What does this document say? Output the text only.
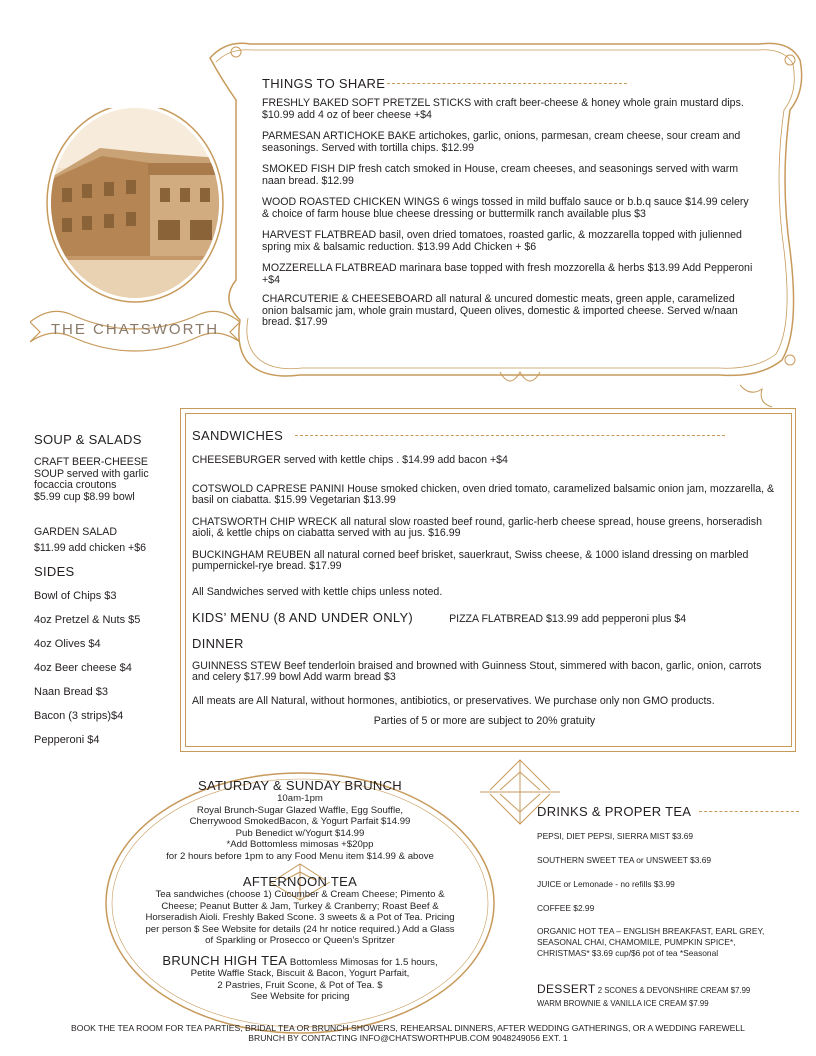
THE CHATSWORTH
THINGS TO SHARE

FRESHLY BAKED SOFT PRETZEL STICKS with craft beer-cheese & honey whole grain mustard dips. $10.99 add 4 oz of beer cheese +$4

PARMESAN ARTICHOKE BAKE artichokes, garlic, onions, parmesan, cream cheese, sour cream and seasonings. Served with tortilla chips. $12.99

SMOKED FISH DIP fresh catch smoked in House, cream cheeses, and seasonings served with warm naan bread. $12.99

WOOD ROASTED CHICKEN WINGS 6 wings tossed in mild buffalo sauce or b.b.q sauce $14.99 celery & choice of farm house blue cheese dressing or buttermilk ranch available plus $3

HARVEST FLATBREAD basil, oven dried tomatoes, roasted garlic, & mozzarella topped with julienned spring mix & balsamic reduction. $13.99 Add Chicken + $6

MOZZERELLA FLATBREAD marinara base topped with fresh mozzorella & herbs $13.99 Add Pepperoni +$4

CHARCUTERIE & CHEESEBOARD all natural & uncured domestic meats, green apple, caramelized onion balsamic jam, whole grain mustard, Queen olives, domestic & imported cheese. Served w/naan bread. $17.99

SOUP & SALADS
CRAFT BEER-CHEESE SOUP served with garlic focaccia croutons
$5.99 cup $8.99 bowl
GARDEN SALAD
$11.99 add chicken +$6
SIDES
Bowl of Chips $3
4oz Pretzel & Nuts $5
4oz Olives $4
4oz Beer cheese $4
Naan Bread $3
Bacon (3 strips)$4
Pepperoni $4
SANDWICHES

CHEESEBURGER served with kettle chips . $14.99 add bacon +$4

COTSWOLD CAPRESE PANINI House smoked chicken, oven dried tomato, caramelized balsamic onion jam, mozzarella, & basil on ciabatta. $15.99 Vegetarian $13.99

CHATSWORTH CHIP WRECK all natural slow roasted beef round, garlic-herb cheese spread, house greens, horseradish aioli, & kettle chips on ciabatta served with au jus. $16.99

BUCKINGHAM REUBEN all natural corned beef brisket, sauerkraut, Swiss cheese, & 1000 island dressing on marbled pumpernickel-rye bread. $17.99

All Sandwiches served with kettle chips unless noted.

KIDS’ MENU (8 AND UNDER ONLY)	PIZZA FLATBREAD $13.99 add pepperoni plus $4
DINNER

GUINNESS STEW Beef tenderloin braised and browned with Guinness Stout, simmered with bacon, garlic, onion, carrots and celery $17.99 bowl Add warm bread $3

All meats are All Natural, without hormones, antibiotics, or preservatives. We purchase only non GMO products.

Parties of 5 or more are subject to 20% gratuity

SATURDAY & SUNDAY BRUNCH
10am-1pm
Royal Brunch-Sugar Glazed Waffle, Egg Souffle,
Cherrywood SmokedBacon, & Yogurt Parfait $14.99
Pub Benedict w/Yogurt $14.99
*Add Bottomless mimosas +$20pp
for 2 hours before 1pm to any Food Menu item $14.99 & above
AFTERNOON TEA
Tea sandwiches (choose 1) Cucumber & Cream Cheese; Pimento & Cheese; Peanut Butter & Jam, Turkey & Cranberry; Roast Beef & Horseradish Aioli. Freshly Baked Scone. 3 sweets & a Pot of Tea. Pricing per person $ See Website for details (24 hr notice required.) Add a Glass of Sparkling or Prosecco or Queen’s Spritzer
BRUNCH HIGH TEA Bottomless Mimosas for 1.5 hours,
Petite Waffle Stack, Biscuit & Bacon, Yogurt Parfait,
2 Pastries, Fruit Scone, & Pot of Tea. $
See Website for pricing
DRINKS & PROPER TEA
PEPSI, DIET PEPSI, SIERRA MIST $3.69
SOUTHERN SWEET TEA or UNSWEET $3.69
JUICE or Lemonade - no refills $3.99
COFFEE $2.99
ORGANIC HOT TEA – ENGLISH BREAKFAST, EARL GREY, SEASONAL CHAI, CHAMOMILE, PUMPKIN SPICE*, CHRISTMAS* $3.69 cup/$6 pot of tea *Seasonal
DESSERT 2 SCONES & DEVONSHIRE CREAM $7.99
WARM BROWNIE & VANILLA ICE CREAM $7.99
BOOK THE TEA ROOM FOR TEA PARTIES, BRIDAL TEA OR BRUNCH SHOWERS, REHEARSAL DINNERS, AFTER WEDDING GATHERINGS, OR A WEDDING FAREWELL
BRUNCH BY CONTACTING INFO@CHATSWORTHPUB.COM 9048249056 EXT. 1
